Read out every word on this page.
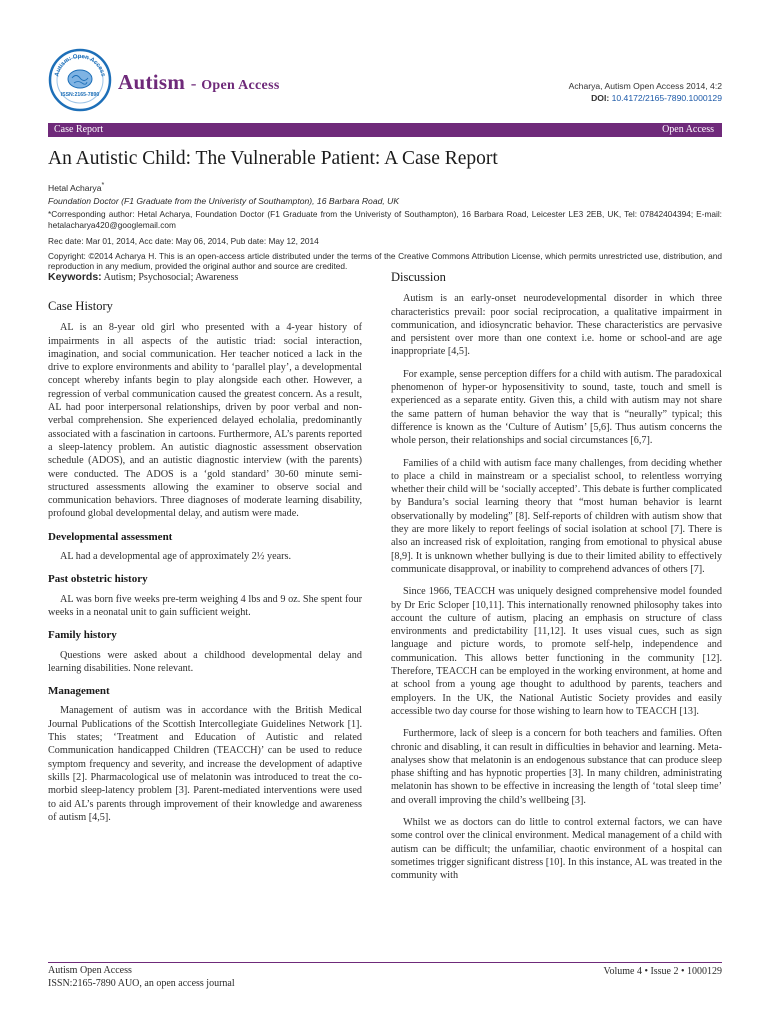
Autism: Open Access
ISSN:2165-7890
Autism - Open Access	Acharya, Autism Open Access 2014, 4:2
DOI: 10.4172/2165-7890.1000129
Case Report	Open Access
An Autistic Child: The Vulnerable Patient: A Case Report
Hetal Acharya*
Foundation Doctor (F1 Graduate from the Univeristy of Southampton), 16 Barbara Road, UK
*Corresponding author: Hetal Acharya, Foundation Doctor (F1 Graduate from the Univeristy of Southampton), 16 Barbara Road, Leicester LE3 2EB, UK, Tel: 07842404394; E-mail: hetalacharya420@googlemail.com
Rec date: Mar 01, 2014, Acc date: May 06, 2014, Pub date: May 12, 2014
Copyright: ©2014 Acharya H. This is an open-access article distributed under the terms of the Creative Commons Attribution License, which permits unrestricted use, distribution, and reproduction in any medium, provided the original author and source are credited.
Keywords: Autism; Psychosocial; Awareness
Case History

AL is an 8-year old girl who presented with a 4-year history of impairments in all aspects of the autistic triad: social interaction, imagination, and social communication. Her teacher noticed a lack in the drive to explore environments and ability to ‘parallel play’, a developmental concept whereby infants begin to play alongside each other. However, a regression of verbal communication caused the greatest concern. As a result, AL had poor interpersonal relationships, driven by poor verbal and non-verbal comprehension. She experienced delayed echolalia, predominantly associated with a fascination in cartoons. Furthermore, AL’s parents reported a sleep-latency problem. An autistic diagnostic assessment observation schedule (ADOS), and an autistic diagnostic interview (with the parents) were conducted. The ADOS is a ‘gold standard’ 30-60 minute semi-structured assessments allowing the examiner to observe social and communication behaviors. Three diagnoses of moderate learning disability, profound global developmental delay, and autism were made.

Developmental assessment

AL had a developmental age of approximately 2½ years.

Past obstetric history

AL was born five weeks pre-term weighing 4 lbs and 9 oz. She spent four weeks in a neonatal unit to gain sufficient weight.

Family history

Questions were asked about a childhood developmental delay and learning disabilities. None relevant.

Management

Management of autism was in accordance with the British Medical Journal Publications of the Scottish Intercollegiate Guidelines Network [1]. This states; ‘Treatment and Education of Autistic and related Communication handicapped Children (TEACCH)’ can be used to reduce symptom frequency and severity, and increase the development of adaptive skills [2]. Pharmacological use of melatonin was introduced to treat the co-morbid sleep-latency problem [3]. Parent-mediated interventions were used to aid AL’s parents through improvement of their knowledge and awareness of autism [4,5].

Discussion

Autism is an early-onset neurodevelopmental disorder in which three characteristics prevail: poor social reciprocation, a qualitative impairment in communication, and idiosyncratic behavior. These characteristics are pervasive and persistent over more than one context i.e. home or school-and are age inappropriate [4,5].

For example, sense perception differs for a child with autism. The paradoxical phenomenon of hyper-or hyposensitivity to sound, taste, touch and smell is experienced as a separate entity. Given this, a child with autism may not share the same pattern of human behavior the way that is “neurally” typical; this difference is known as the ‘Culture of Autism’ [5,6]. Thus autism concerns the whole person, their relationships and social circumstances [6,7].

Families of a child with autism face many challenges, from deciding whether to place a child in mainstream or a specialist school, to relentless worrying whether their child will be ‘socially accepted’. This debate is further complicated by Bandura’s social learning theory that “most human behavior is learnt observationally by modeling” [8]. Self-reports of children with autism show that they are more likely to report feelings of social isolation at school [7]. There is also an increased risk of exploitation, ranging from emotional to physical abuse [8,9]. It is unknown whether bullying is due to their limited ability to effectively communicate disapproval, or inability to comprehend advances of others [7].

Since 1966, TEACCH was uniquely designed comprehensive model founded by Dr Eric Scloper [10,11]. This internationally renowned philosophy takes into account the culture of autism, placing an emphasis on structure of class environments and predictability [11,12]. It uses visual cues, such as sign language and picture words, to promote self-help, independence and communication. This allows better functioning in the community [12]. Therefore, TEACCH can be employed in the working environment, at home and at school from a young age thought to adulthood by parents, teachers and employers. In the UK, the National Autistic Society provides and easily accessible two day course for those wishing to learn how to TEACCH [13].

Furthermore, lack of sleep is a concern for both teachers and families. Often chronic and disabling, it can result in difficulties in behavior and learning. Meta-analyses show that melatonin is an endogenous substance that can produce sleep phase shifting and has hypnotic properties [3]. In many children, administrating melatonin has shown to be effective in increasing the length of ‘total sleep time’ and overall improving the child’s wellbeing [3].

Whilst we as doctors can do little to control external factors, we can have some control over the clinical environment. Medical management of a child with autism can be difficult; the unfamiliar, chaotic environment of a hospital can sometimes trigger significant distress [10]. In this instance, AL was treated in the community with

Autism Open Access
ISSN:2165-7890 AUO, an open access journal
Volume 4 • Issue 2 • 1000129
